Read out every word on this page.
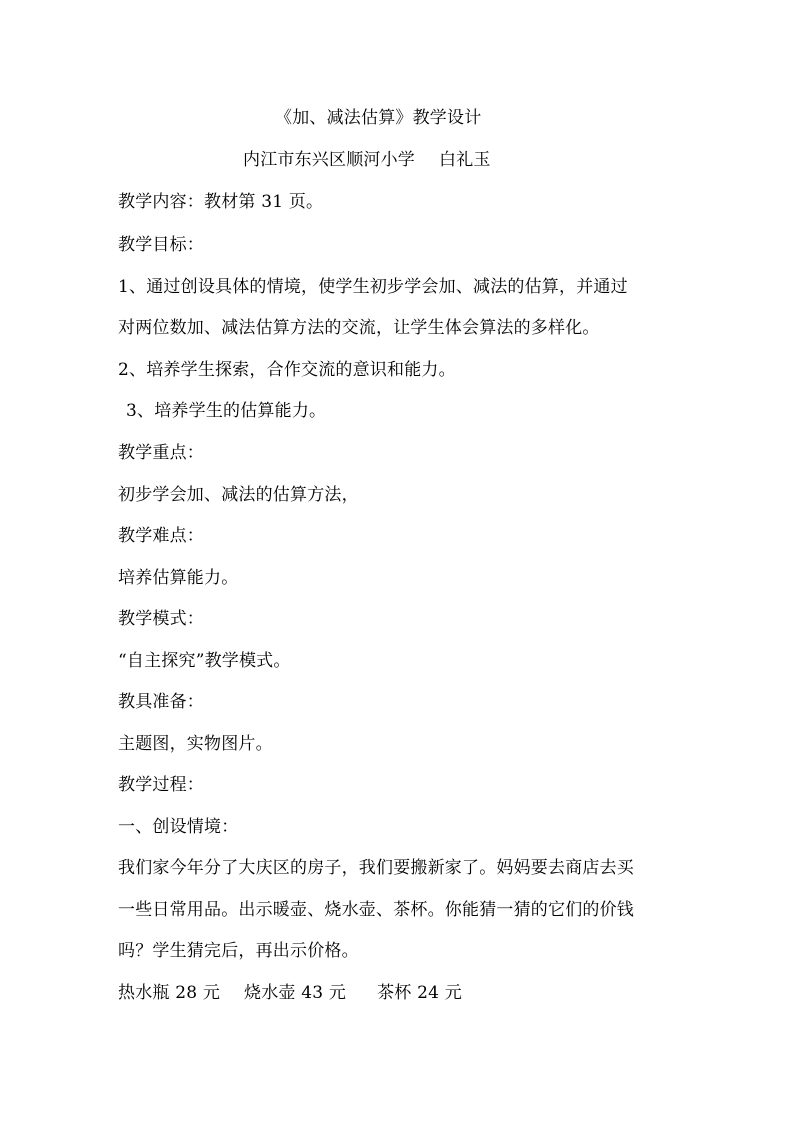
《加、减法估算》教学设计
内江市东兴区顺河小学 白礼玉
教学内容：教材第 31 页。
教学目标：
1、通过创设具体的情境，使学生初步学会加、减法的估算，并通过
对两位数加、减法估算方法的交流，让学生体会算法的多样化。
2、培养学生探索，合作交流的意识和能力。
3、培养学生的估算能力。
教学重点：
初步学会加、减法的估算方法，
教学难点：
培养估算能力。
教学模式：
“自主探究”教学模式。
教具准备：
主题图，实物图片。
教学过程：
一、创设情境：
我们家今年分了大庆区的房子，我们要搬新家了。妈妈要去商店去买
一些日常用品。出示暖壶、烧水壶、茶杯。你能猜一猜的它们的价钱
吗？学生猜完后，再出示价格。
热水瓶 28 元 烧水壶 43 元 茶杯 24 元
